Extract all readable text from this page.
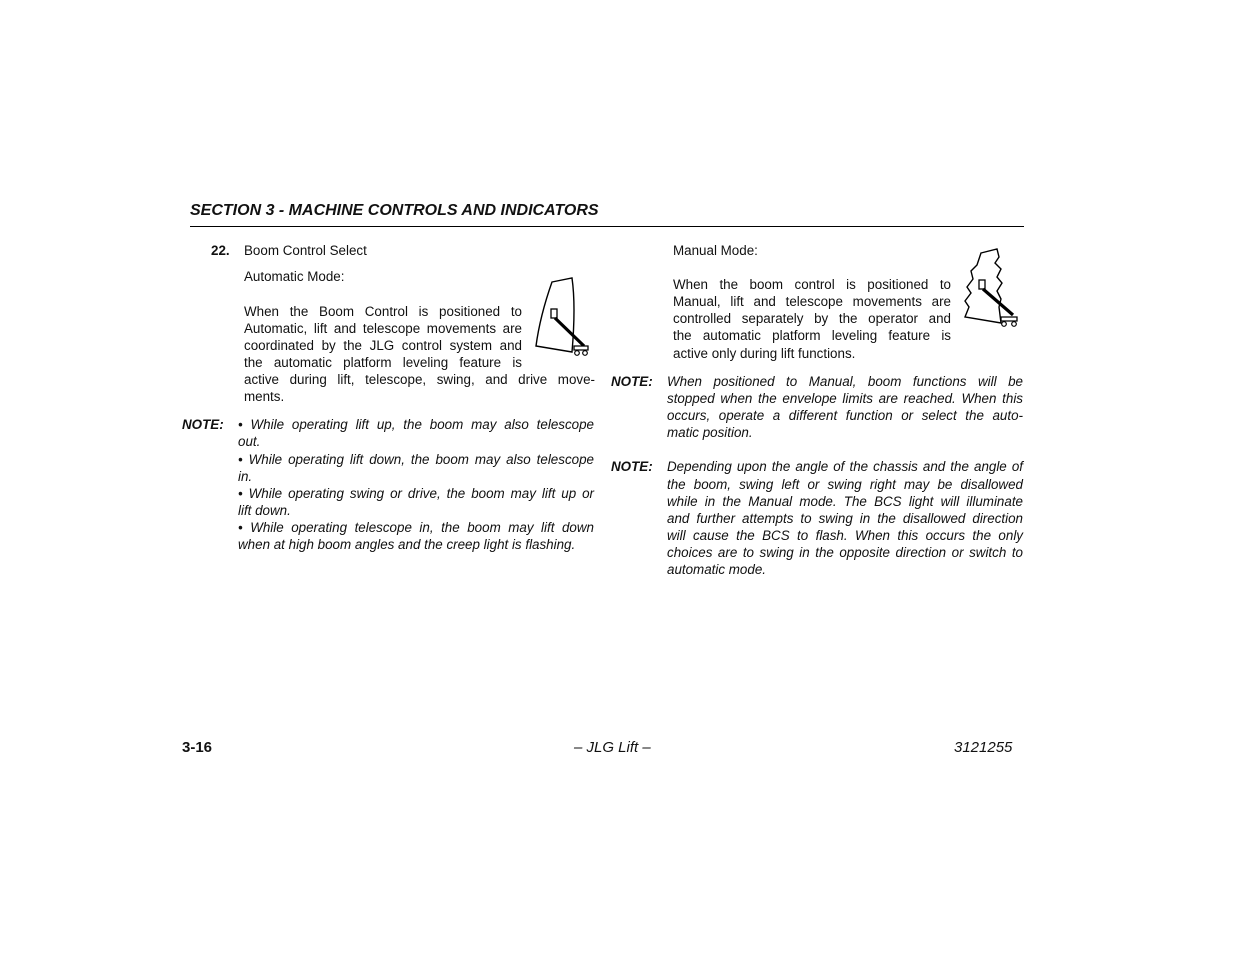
SECTION 3 - MACHINE CONTROLS AND INDICATORS
22. Boom Control Select
Automatic Mode:
When the Boom Control is positioned to
Automatic, lift and telescope movements are
coordinated by the JLG control system and
the automatic platform leveling feature is
active during lift, telescope, swing, and drive move-
ments.
NOTE: • While operating lift up, the boom may also telescope
out.
• While operating lift down, the boom may also telescope
in.
• While operating swing or drive, the boom may lift up or
lift down.
• While operating telescope in, the boom may lift down
when at high boom angles and the creep light is flashing.
Manual Mode:
When the boom control is positioned to
Manual, lift and telescope movements are
controlled separately by the operator and
the automatic platform leveling feature is
active only during lift functions.
NOTE: When positioned to Manual, boom functions will be
stopped when the envelope limits are reached. When this
occurs, operate a different function or select the auto-
matic position.
NOTE: Depending upon the angle of the chassis and the angle of
the boom, swing left or swing right may be disallowed
while in the Manual mode. The BCS light will illuminate
and further attempts to swing in the disallowed direction
will cause the BCS to flash. When this occurs the only
choices are to swing in the opposite direction or switch to
automatic mode.
3-16	– JLG Lift –	3121255
